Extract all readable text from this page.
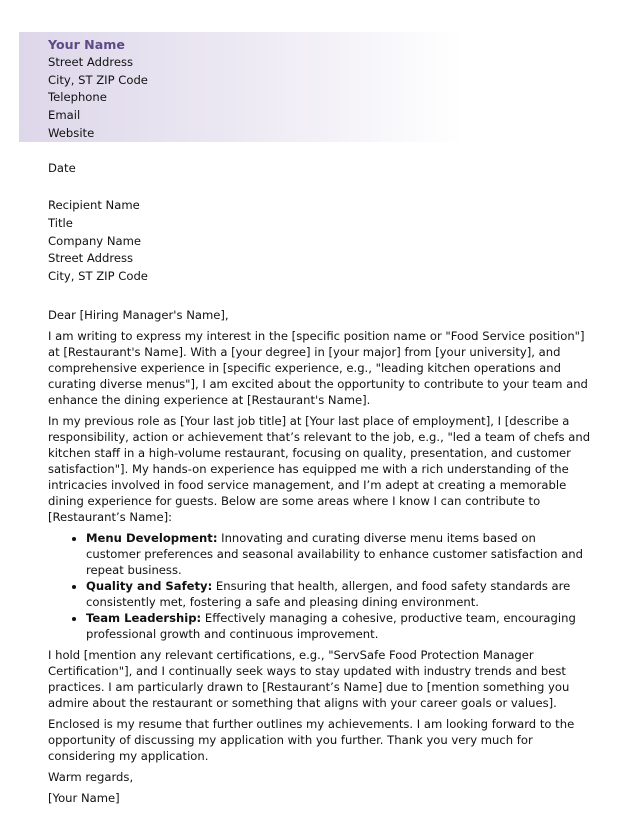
Your Name
Street Address
City, ST ZIP Code
Telephone
Email
Website
Date
Recipient Name
Title
Company Name
Street Address
City, ST ZIP Code

Dear [Hiring Manager's Name],

I am writing to express my interest in the [specific position name or "Food Service position"] at [Restaurant's Name]. With a [your degree] in [your major] from [your university], and comprehensive experience in [specific experience, e.g., "leading kitchen operations and curating diverse menus"], I am excited about the opportunity to contribute to your team and enhance the dining experience at [Restaurant's Name].

In my previous role as [Your last job title] at [Your last place of employment], I [describe a responsibility, action or achievement that’s relevant to the job, e.g., "led a team of chefs and kitchen staff in a high-volume restaurant, focusing on quality, presentation, and customer satisfaction"]. My hands-on experience has equipped me with a rich understanding of the intricacies involved in food service management, and I’m adept at creating a memorable dining experience for guests. Below are some areas where I know I can contribute to [Restaurant’s Name]:

• Menu Development: Innovating and curating diverse menu items based on customer preferences and seasonal availability to enhance customer satisfaction and repeat business.
• Quality and Safety: Ensuring that health, allergen, and food safety standards are consistently met, fostering a safe and pleasing dining environment.
• Team Leadership: Effectively managing a cohesive, productive team, encouraging professional growth and continuous improvement.

I hold [mention any relevant certifications, e.g., "ServSafe Food Protection Manager Certification"], and I continually seek ways to stay updated with industry trends and best practices. I am particularly drawn to [Restaurant’s Name] due to [mention something you admire about the restaurant or something that aligns with your career goals or values].

Enclosed is my resume that further outlines my achievements. I am looking forward to the opportunity of discussing my application with you further. Thank you very much for considering my application.

Warm regards,

[Your Name]
